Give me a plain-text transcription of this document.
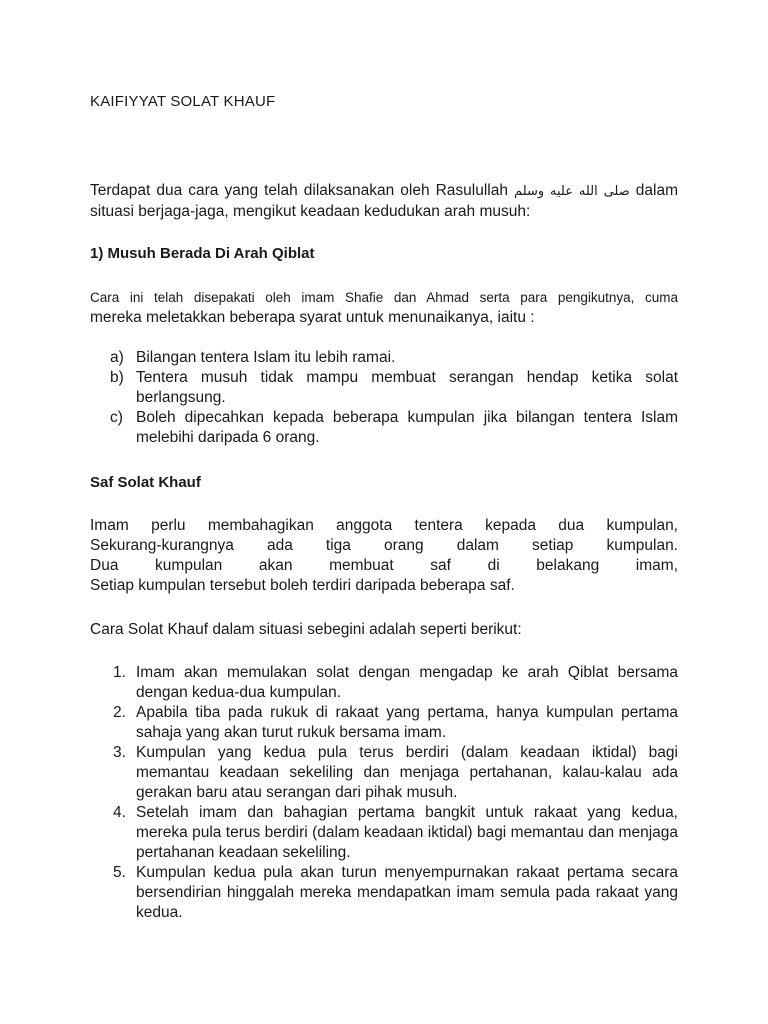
KAIFIYYAT SOLAT KHAUF

Terdapat dua cara yang telah dilaksanakan oleh Rasulullah صلى الله عليه وسلم dalam situasi berjaga-jaga, mengikut keadaan kedudukan arah musuh:

1) Musuh Berada Di Arah Qiblat

Cara ini telah disepakati oleh imam Shafie dan Ahmad serta para pengikutnya, cuma
mereka meletakkan beberapa syarat untuk menunaikanya, iaitu :

a) Bilangan tentera Islam itu lebih ramai.
b) Tentera musuh tidak mampu membuat serangan hendap ketika solat berlangsung.
c) Boleh dipecahkan kepada beberapa kumpulan jika bilangan tentera Islam melebihi daripada 6 orang.
Saf Solat Khauf

Imam perlu membahagikan anggota tentera kepada dua kumpulan,
Sekurang-kurangnya ada tiga orang dalam setiap kumpulan.
Dua kumpulan akan membuat saf di belakang imam,
Setiap kumpulan tersebut boleh terdiri daripada beberapa saf.

Cara Solat Khauf dalam situasi sebegini adalah seperti berikut:

1. Imam akan memulakan solat dengan mengadap ke arah Qiblat bersama dengan kedua-dua kumpulan.
2. Apabila tiba pada rukuk di rakaat yang pertama, hanya kumpulan pertama sahaja yang akan turut rukuk bersama imam.
3. Kumpulan yang kedua pula terus berdiri (dalam keadaan iktidal) bagi memantau keadaan sekeliling dan menjaga pertahanan, kalau-kalau ada gerakan baru atau serangan dari pihak musuh.
4. Setelah imam dan bahagian pertama bangkit untuk rakaat yang kedua, mereka pula terus berdiri (dalam keadaan iktidal) bagi memantau dan menjaga pertahanan keadaan sekeliling.
5. Kumpulan kedua pula akan turun menyempurnakan rakaat pertama secara bersendirian hinggalah mereka mendapatkan imam semula pada rakaat yang kedua.
